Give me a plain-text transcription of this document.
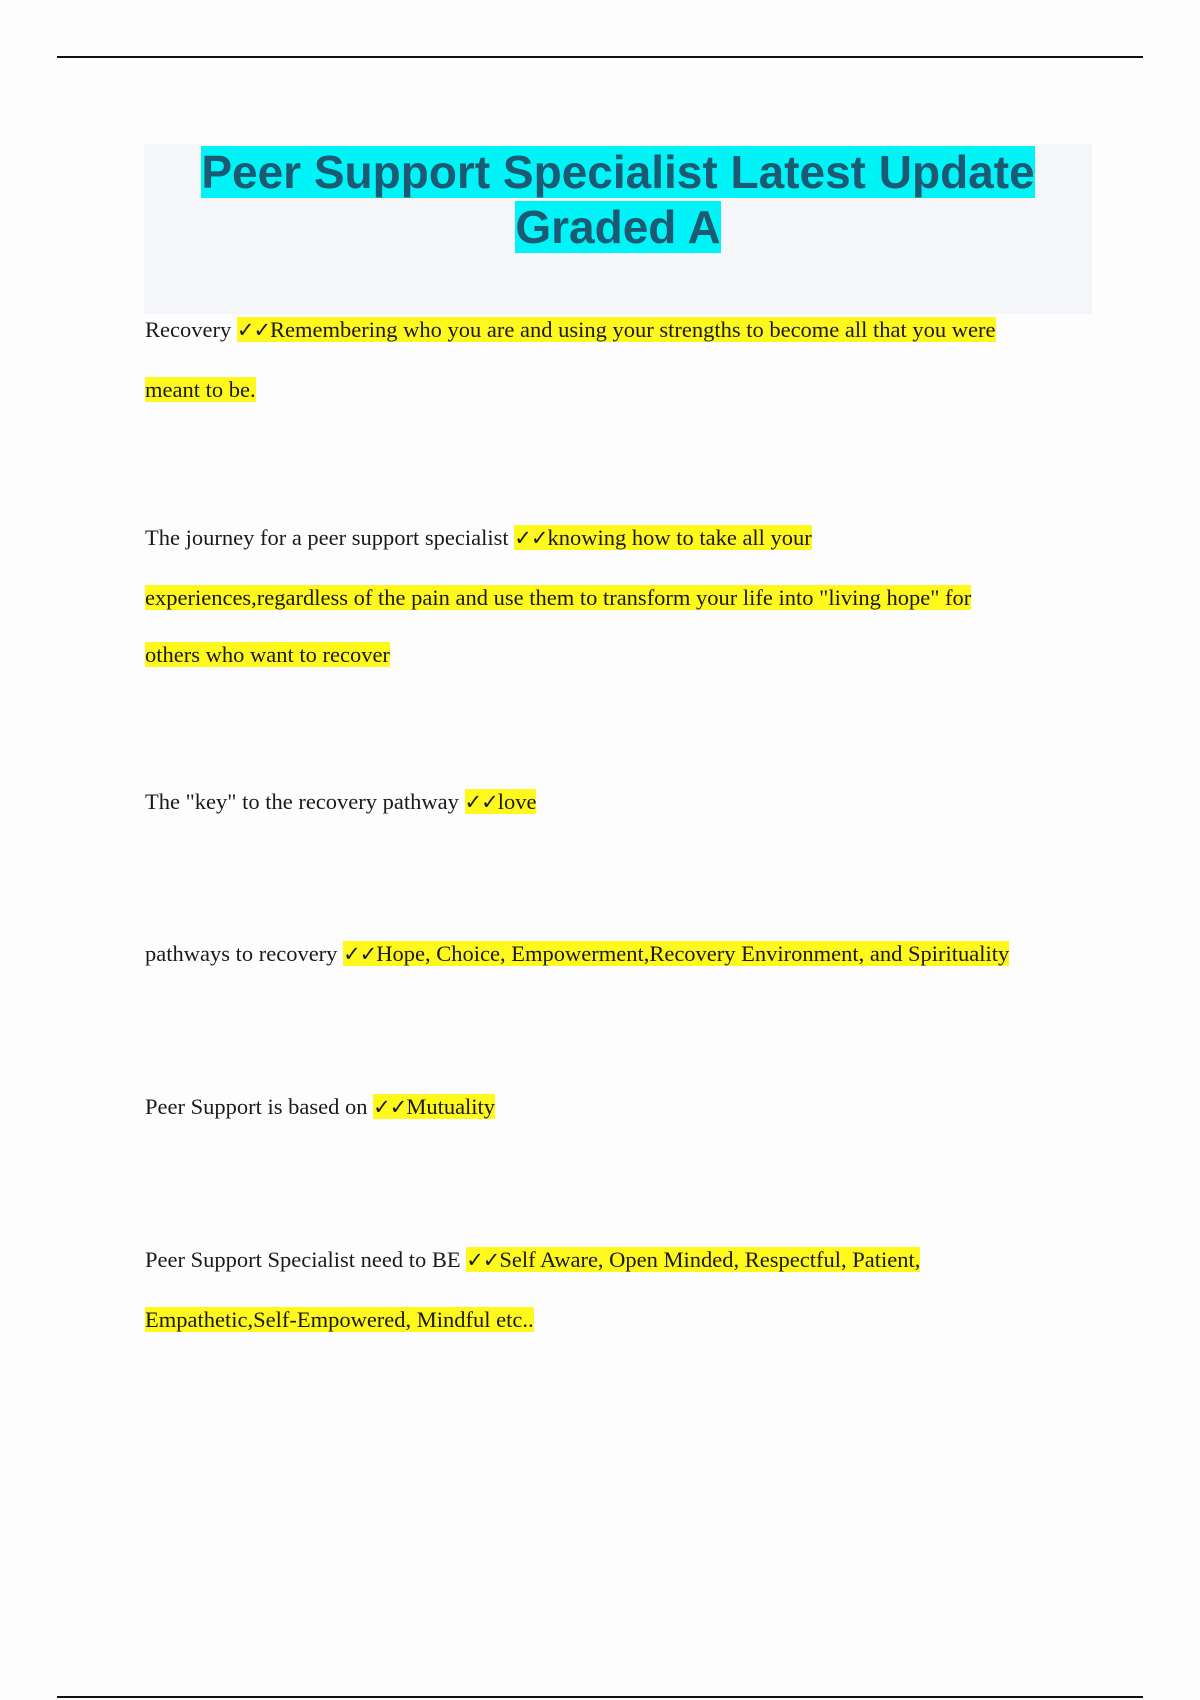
Peer Support Specialist Latest Update
Graded A
Recovery ✓✓Remembering who you are and using your strengths to become all that you were
meant to be.
The journey for a peer support specialist ✓✓knowing how to take all your
experiences,regardless of the pain and use them to transform your life into "living hope" for
others who want to recover
The "key" to the recovery pathway ✓✓love
pathways to recovery ✓✓Hope, Choice, Empowerment,Recovery Environment, and Spirituality
Peer Support is based on ✓✓Mutuality
Peer Support Specialist need to BE ✓✓Self Aware, Open Minded, Respectful, Patient,
Empathetic,Self-Empowered, Mindful etc..
